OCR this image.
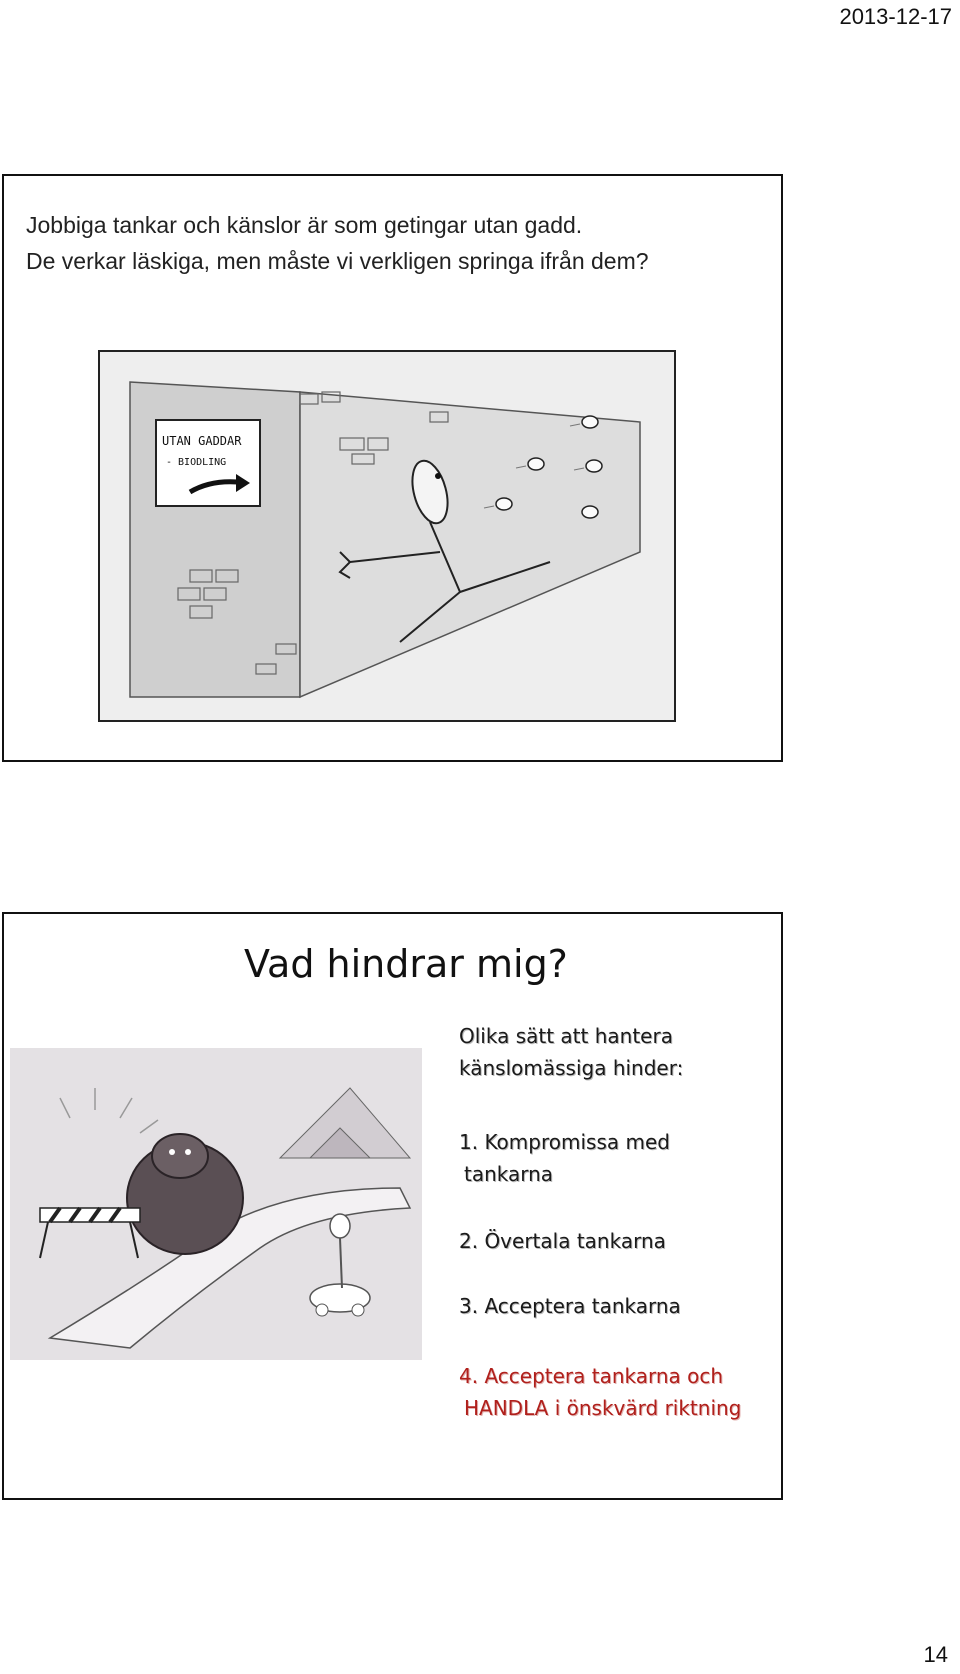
2013-12-17
Jobbiga tankar och känslor är som getingar utan gadd.
De verkar läskiga, men måste vi verkligen springa ifrån dem?
UTAN GADDAR
- BIODLING
Vad hindrar mig?
Olika sätt att hantera
känslomässiga hinder:
1. Kompromissa med
tankarna
2. Övertala tankarna
3. Acceptera tankarna
4. Acceptera tankarna och
HANDLA i önskvärd riktning
14
